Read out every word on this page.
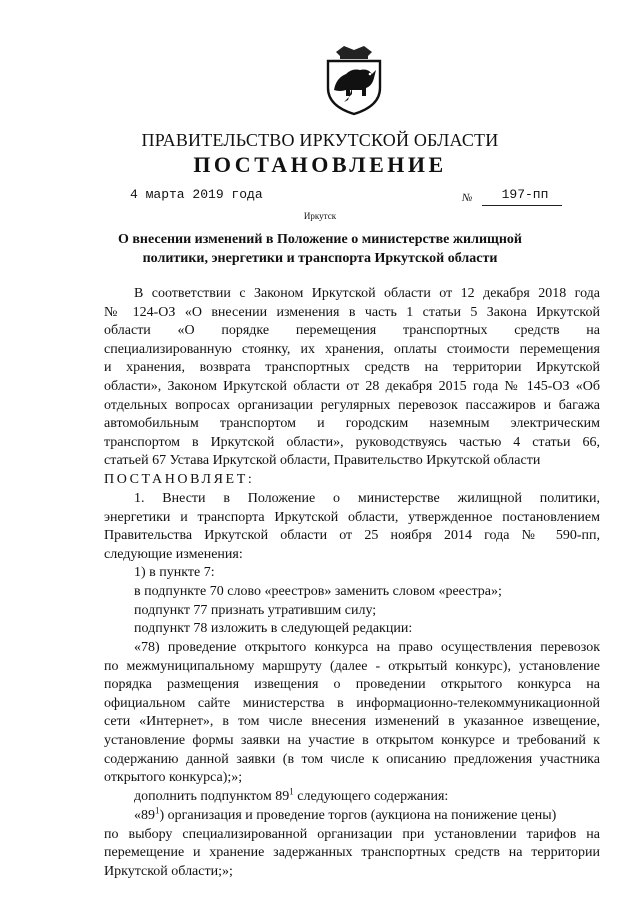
ПРАВИТЕЛЬСТВО ИРКУТСКОЙ ОБЛАСТИ
ПОСТАНОВЛЕНИЕ
4 марта 2019 года	№	197-пп
Иркутск
О внесении изменений в Положение о министерстве жилищной
политики, энергетики и транспорта Иркутской области
В соответствии с Законом Иркутской области от 12 декабря 2018 года
№ 124-ОЗ «О внесении изменения в часть 1 статьи 5 Закона Иркутской
области «О порядке перемещения транспортных средств на
специализированную стоянку, их хранения, оплаты стоимости перемещения
и хранения, возврата транспортных средств на территории Иркутской
области», Законом Иркутской области от 28 декабря 2015 года № 145-ОЗ «Об
отдельных вопросах организации регулярных перевозок пассажиров и багажа
автомобильным транспортом и городским наземным электрическим
транспортом в Иркутской области», руководствуясь частью 4 статьи 66,
статьей 67 Устава Иркутской области, Правительство Иркутской области
ПОСТАНОВЛЯЕТ:
1. Внести в Положение о министерстве жилищной политики,
энергетики и транспорта Иркутской области, утвержденное постановлением
Правительства Иркутской области от 25 ноября 2014 года № 590-пп,
следующие изменения:
1) в пункте 7:
в подпункте 70 слово «реестров» заменить словом «реестра»;
подпункт 77 признать утратившим силу;
подпункт 78 изложить в следующей редакции:
«78) проведение открытого конкурса на право осуществления перевозок
по межмуниципальному маршруту (далее - открытый конкурс), установление
порядка размещения извещения о проведении открытого конкурса на
официальном сайте министерства в информационно-телекоммуникационной
сети «Интернет», в том числе внесения изменений в указанное извещение,
установление формы заявки на участие в открытом конкурсе и требований к
содержанию данной заявки (в том числе к описанию предложения участника
открытого конкурса);»;
дополнить подпунктом $89^1$ следующего содержания:
«$89^1$) организация и проведение торгов (аукциона на понижение цены)
по выбору специализированной организации при установлении тарифов на
перемещение и хранение задержанных транспортных средств на территории
Иркутской области;»;
